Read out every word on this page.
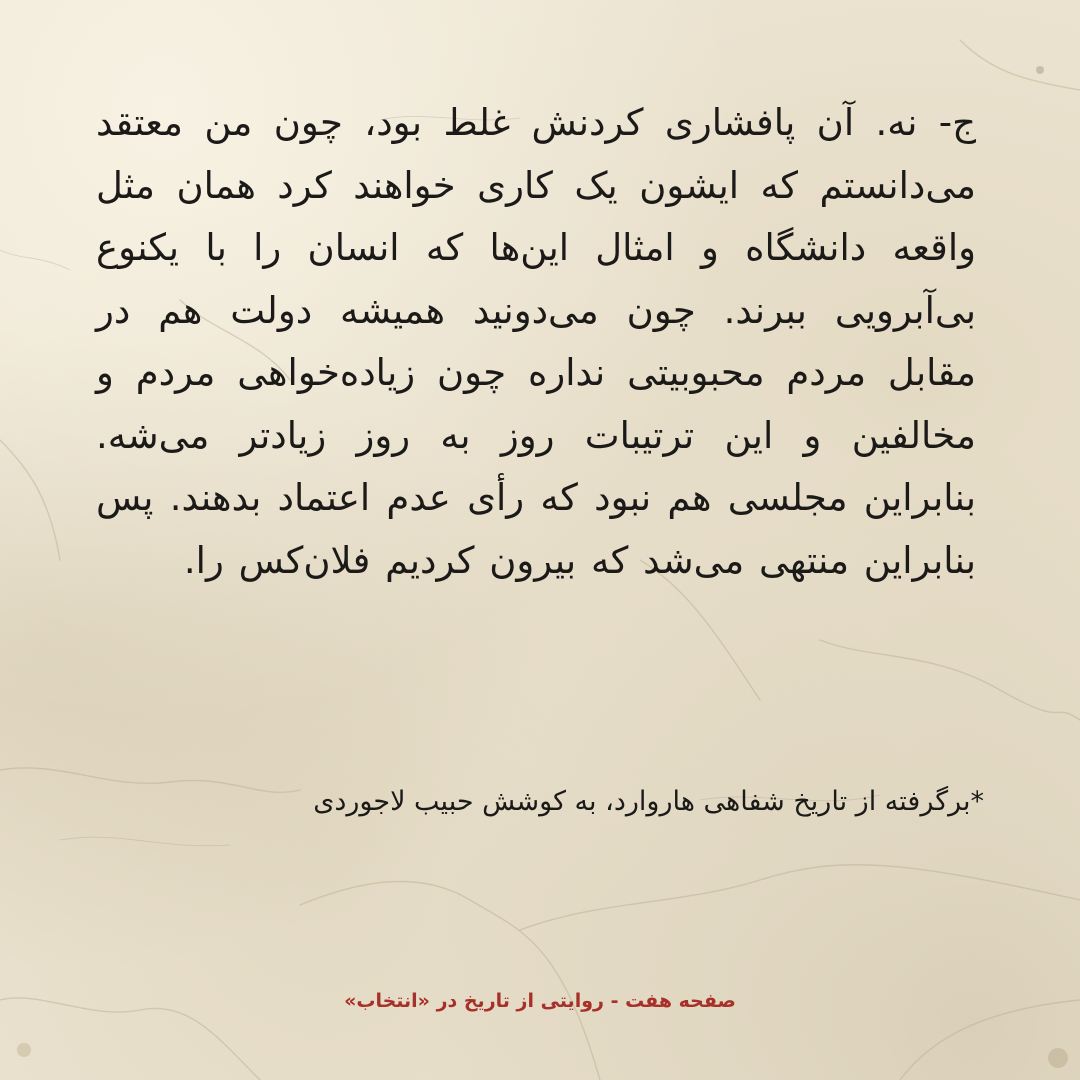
ج- نه. آن پافشاری کردنش غلط بود، چون من معتقد می‌دانستم که ایشون یک کاری خواهند کرد همان مثل واقعه دانشگاه و امثال این‌ها که انسان را با یکنوع بی‌آبرویی ببرند. چون می‌دونید همیشه دولت هم در مقابل مردم محبوبیتی نداره چون زیاده‌خواهی مردم و مخالفین و این ترتیبات روز به روز زیادتر می‌شه. بنابراین مجلسی هم نبود که رأی عدم اعتماد بدهند. پس بنابراین منتهی می‌شد که بیرون کردیم فلان‌کس را.

*برگرفته از تاریخ شفاهی هاروارد، به کوشش حبیب لاجوردی

صفحه هفت - روایتی از تاریخ در «انتخاب»
